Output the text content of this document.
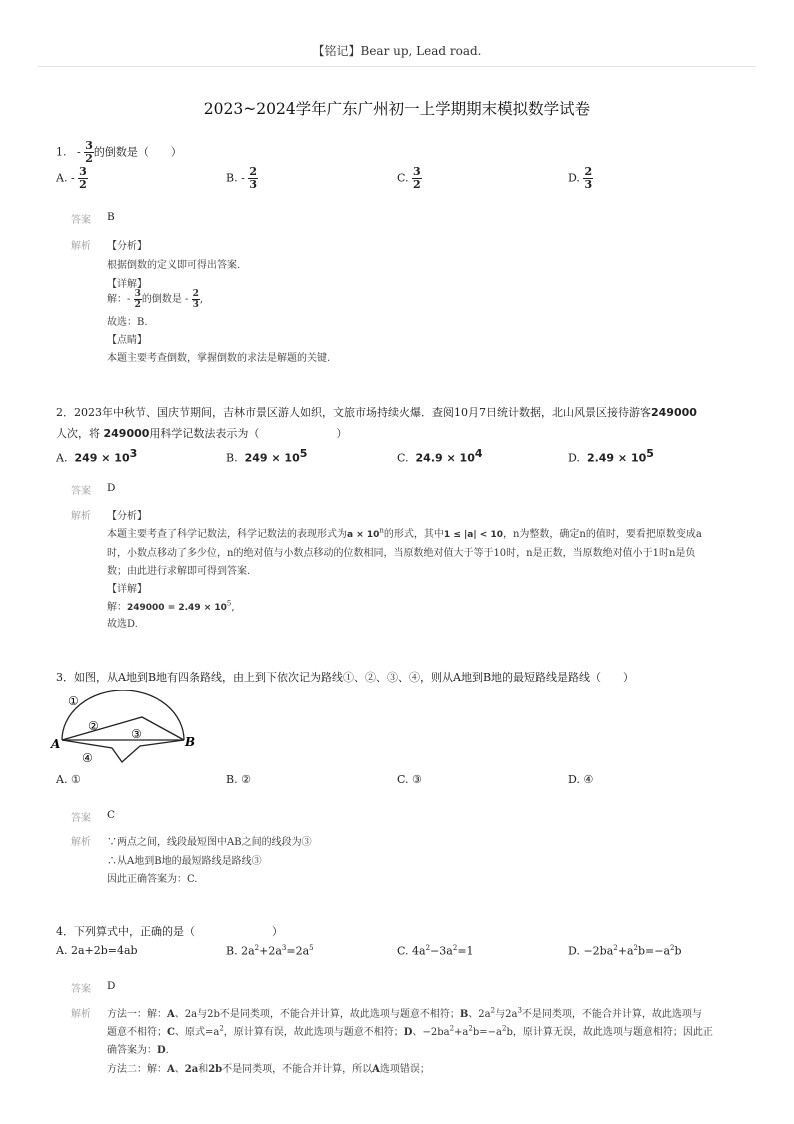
【铭记】Bear up, Lead road.
2023~2024学年广东广州初一上学期期末模拟数学试卷
1. - $\frac{3}{2}$ 的倒数是（　　）
A. - $\frac{3}{2}$	B. - $\frac{2}{3}$	C. $\frac{3}{2}$	D. $\frac{2}{3}$
答案 B
解析 【分析】
根据倒数的定义即可得出答案.
【详解】
解：- $\frac{3}{2}$ 的倒数是 - $\frac{2}{3}$ ,
故选：B.
【点睛】
本题主要考查倒数，掌握倒数的求法是解题的关键.
2．2023年中秋节、国庆节期间，吉林市景区游人如织，文旅市场持续火爆．查阅10月7日统计数据，北山风景区接待游客249000
人次，将 249000用科学记数法表示为（　　　　　　　）
A. $249 \times 10^3$	B. $249 \times 10^5$	C. $24.9 \times 10^4$	D. $2.49 \times 10^5$
答案 D
解析 【分析】
本题主要考查了科学记数法，科学记数法的表现形式为$a \times 10^n$的形式，其中1 ≤ |a| < 10，n为整数，确定n的值时，要看把原数变成a
时，小数点移动了多少位，n的绝对值与小数点移动的位数相同，当原数绝对值大于等于10时，n是正数，当原数绝对值小于1时n是负
数；由此进行求解即可得到答案.
【详解】
解：$249000 = 2.49 \times 10^5$,
故选D.
3．如图，从A地到B地有四条路线，由上到下依次记为路线①、②、③、④，则从A地到B地的最短路线是路线（　　）
A	B
①
②
③
④
A. ①	B. ②	C. ③	D. ④
答案 C
解析 ∵两点之间，线段最短图中AB之间的线段为③
∴从A地到B地的最短路线是路线③
因此正确答案为：C.
4．下列算式中，正确的是（　　　　　　　）
A. 2a+2b=4ab	B. $2a^2+2a^3=2a^5$	C. $4a^2-3a^2=1$	D. $-2ba^2+a^2b=-a^2b$
答案 D
解析 方法一：解：A、2a与2b不是同类项，不能合并计算，故此选项与题意不相符；B、$2a^2$与$2a^3$不是同类项，不能合并计算，故此选项与
题意不相符；C、原式$=a^2$，原计算有误，故此选项与题意不相符；D、$-2ba^2+a^2b=-a^2b$，原计算无误，故此选项与题意相符；因此正
确答案为：D.
方法二：解：A、2a和2b不是同类项，不能合并计算，所以A选项错误；
